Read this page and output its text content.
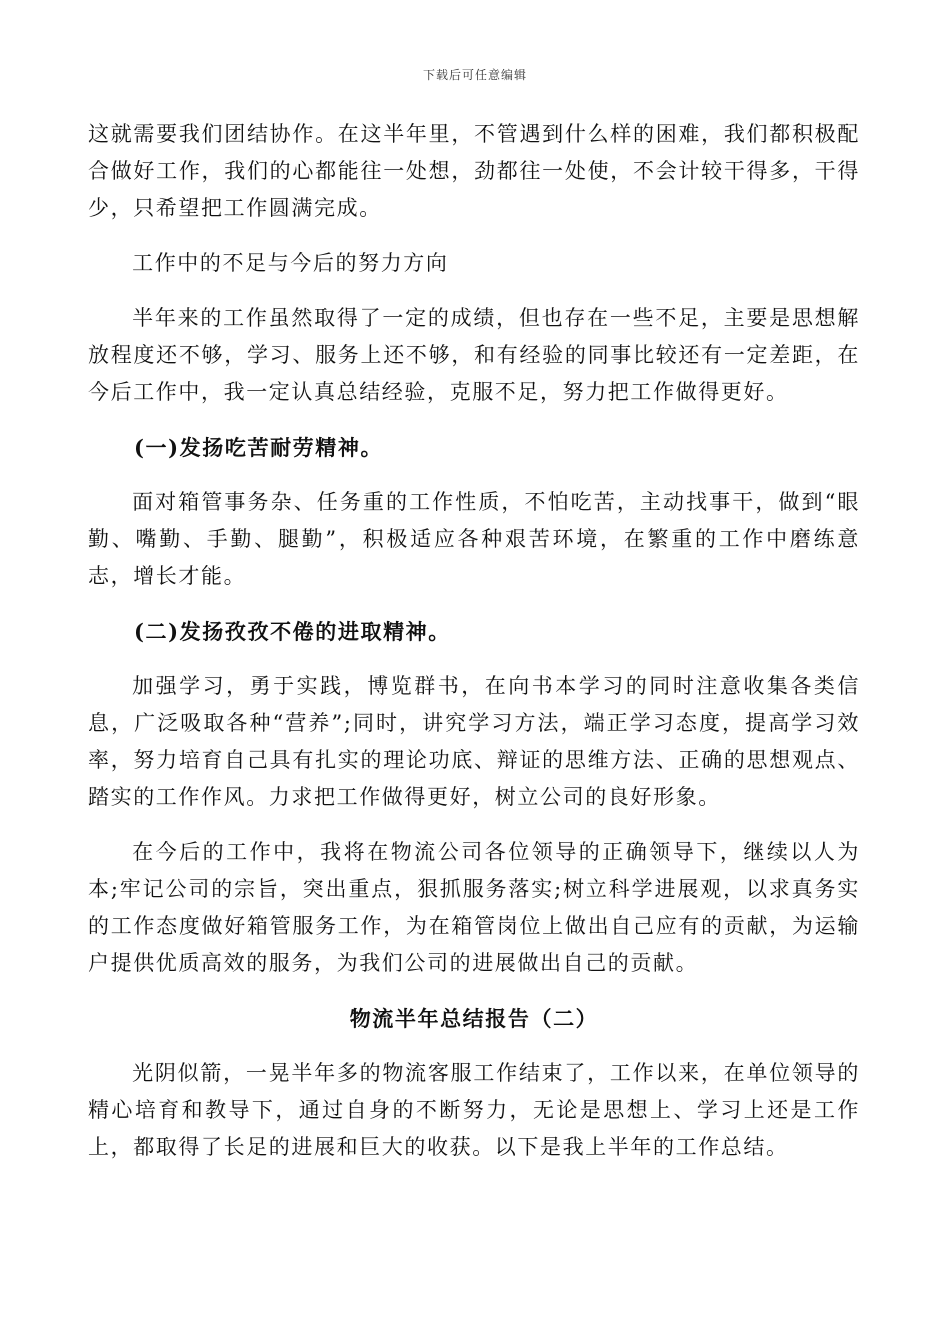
下载后可任意编辑

这就需要我们团结协作。在这半年里，不管遇到什么样的困难，我们都积极配合做好工作，我们的心都能往一处想，劲都往一处使，不会计较干得多，干得少，只希望把工作圆满完成。

工作中的不足与今后的努力方向

半年来的工作虽然取得了一定的成绩，但也存在一些不足，主要是思想解放程度还不够，学习、服务上还不够，和有经验的同事比较还有一定差距，在今后工作中，我一定认真总结经验，克服不足，努力把工作做得更好。

(一)发扬吃苦耐劳精神。

面对箱管事务杂、任务重的工作性质，不怕吃苦，主动找事干，做到“眼勤、嘴勤、手勤、腿勤”，积极适应各种艰苦环境，在繁重的工作中磨练意志，增长才能。

(二)发扬孜孜不倦的进取精神。

加强学习，勇于实践，博览群书，在向书本学习的同时注意收集各类信息，广泛吸取各种“营养”;同时，讲究学习方法，端正学习态度，提高学习效率，努力培育自己具有扎实的理论功底、辩证的思维方法、正确的思想观点、踏实的工作作风。力求把工作做得更好，树立公司的良好形象。

在今后的工作中，我将在物流公司各位领导的正确领导下，继续以人为本;牢记公司的宗旨，突出重点，狠抓服务落实;树立科学进展观，以求真务实的工作态度做好箱管服务工作，为在箱管岗位上做出自己应有的贡献，为运输户提供优质高效的服务，为我们公司的进展做出自己的贡献。

物流半年总结报告（二）

光阴似箭，一晃半年多的物流客服工作结束了，工作以来，在单位领导的精心培育和教导下，通过自身的不断努力，无论是思想上、学习上还是工作上，都取得了长足的进展和巨大的收获。以下是我上半年的工作总结。
